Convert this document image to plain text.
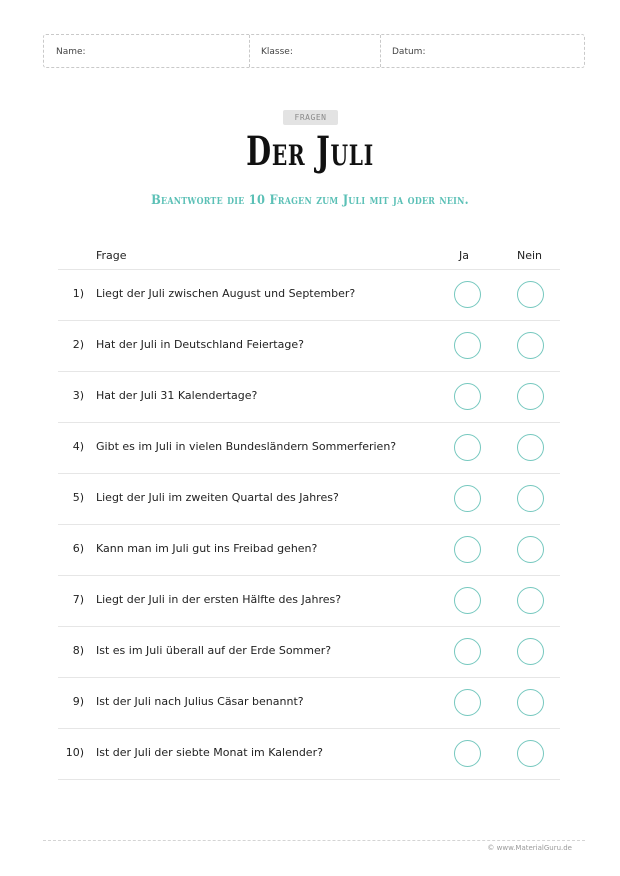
Name:	Klasse:	Datum:
FRAGEN
Der Juli
Beantworte die 10 Fragen zum Juli mit ja oder nein.
Frage	Ja	Nein
1) Liegt der Juli zwischen August und September?
2) Hat der Juli in Deutschland Feiertage?
3) Hat der Juli 31 Kalendertage?
4) Gibt es im Juli in vielen Bundesländern Sommerferien?
5) Liegt der Juli im zweiten Quartal des Jahres?
6) Kann man im Juli gut ins Freibad gehen?
7) Liegt der Juli in der ersten Hälfte des Jahres?
8) Ist es im Juli überall auf der Erde Sommer?
9) Ist der Juli nach Julius Cäsar benannt?
10) Ist der Juli der siebte Monat im Kalender?
© www.MaterialGuru.de
